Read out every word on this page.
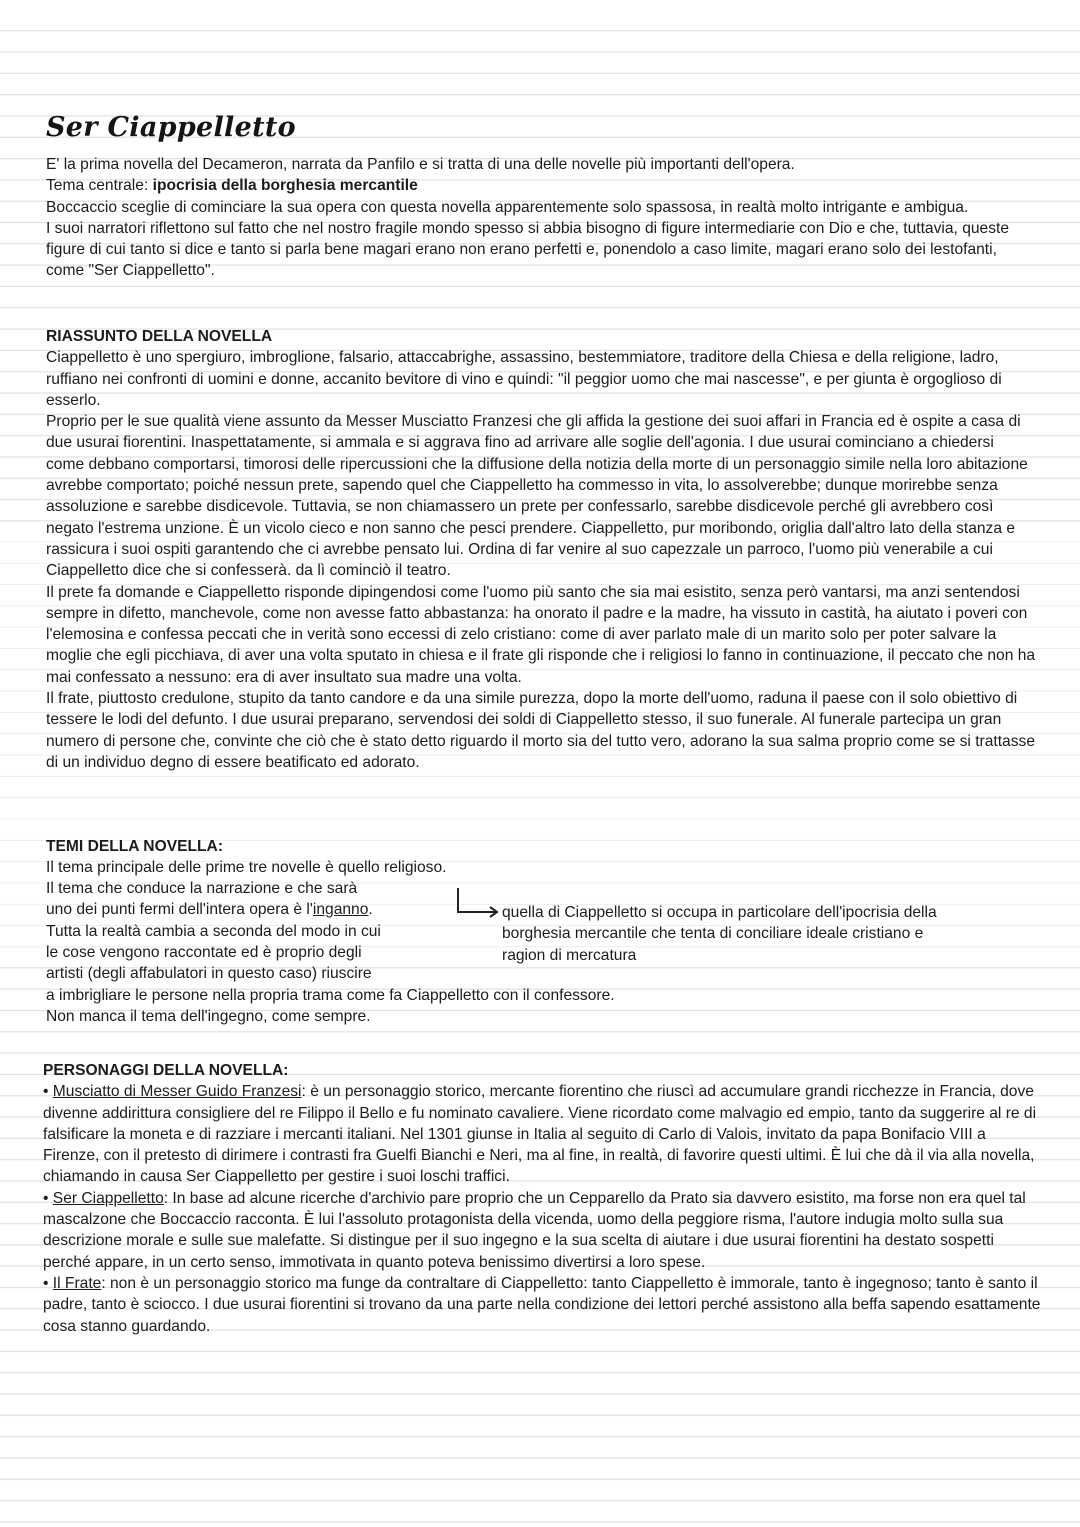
Ser Ciappelletto

E' la prima novella del Decameron, narrata da Panfilo e si tratta di una delle novelle più importanti dell'opera.

Tema centrale: ipocrisia della borghesia mercantile

Boccaccio sceglie di cominciare la sua opera con questa novella apparentemente solo spassosa, in realtà molto intrigante e ambigua.

I suoi narratori riflettono sul fatto che nel nostro fragile mondo spesso si abbia bisogno di figure intermediarie con Dio e che, tuttavia, queste figure di cui tanto si dice e tanto si parla bene magari erano non erano perfetti e, ponendolo a caso limite, magari erano solo dei lestofanti, come "Ser Ciappelletto".

RIASSUNTO DELLA NOVELLA

Ciappelletto è uno spergiuro, imbroglione, falsario, attaccabrighe, assassino, bestemmiatore, traditore della Chiesa e della religione, ladro, ruffiano nei confronti di uomini e donne, accanito bevitore di vino e quindi: "il peggior uomo che mai nascesse", e per giunta è orgoglioso di esserlo.

Proprio per le sue qualità viene assunto da Messer Musciatto Franzesi che gli affida la gestione dei suoi affari in Francia ed è ospite a casa di due usurai fiorentini. Inaspettatamente, si ammala e si aggrava fino ad arrivare alle soglie dell'agonia. I due usurai cominciano a chiedersi come debbano comportarsi, timorosi delle ripercussioni che la diffusione della notizia della morte di un personaggio simile nella loro abitazione avrebbe comportato; poiché nessun prete, sapendo quel che Ciappelletto ha commesso in vita, lo assolverebbe; dunque morirebbe senza assoluzione e sarebbe disdicevole. Tuttavia, se non chiamassero un prete per confessarlo, sarebbe disdicevole perché gli avrebbero così negato l'estrema unzione. È un vicolo cieco e non sanno che pesci prendere. Ciappelletto, pur moribondo, origlia dall'altro lato della stanza e rassicura i suoi ospiti garantendo che ci avrebbe pensato lui. Ordina di far venire al suo capezzale un parroco, l'uomo più venerabile a cui Ciappelletto dice che si confesserà. da lì cominciò il teatro.

Il prete fa domande e Ciappelletto risponde dipingendosi come l'uomo più santo che sia mai esistito, senza però vantarsi, ma anzi sentendosi sempre in difetto, manchevole, come non avesse fatto abbastanza: ha onorato il padre e la madre, ha vissuto in castità, ha aiutato i poveri con l'elemosina e confessa peccati che in verità sono eccessi di zelo cristiano: come di aver parlato male di un marito solo per poter salvare la moglie che egli picchiava, di aver una volta sputato in chiesa e il frate gli risponde che i religiosi lo fanno in continuazione, il peccato che non ha mai confessato a nessuno: era di aver insultato sua madre una volta.

Il frate, piuttosto credulone, stupito da tanto candore e da una simile purezza, dopo la morte dell'uomo, raduna il paese con il solo obiettivo di tessere le lodi del defunto. I due usurai preparano, servendosi dei soldi di Ciappelletto stesso, il suo funerale. Al funerale partecipa un gran numero di persone che, convinte che ciò che è stato detto riguardo il morto sia del tutto vero, adorano la sua salma proprio come se si trattasse di un individuo degno di essere beatificato ed adorato.

TEMI DELLA NOVELLA:

Il tema principale delle prime tre novelle è quello religioso.

Il tema che conduce la narrazione e che sarà

uno dei punti fermi dell'intera opera è l'inganno.

Tutta la realtà cambia a seconda del modo in cui

le cose vengono raccontate ed è proprio degli

artisti (degli affabulatori in questo caso) riuscire

quella di Ciappelletto si occupa in particolare dell'ipocrisia della

borghesia mercantile che tenta di conciliare ideale cristiano e

ragion di mercatura

a imbrigliare le persone nella propria trama come fa Ciappelletto con il confessore.

Non manca il tema dell'ingegno, come sempre.

PERSONAGGI DELLA NOVELLA:

• Musciatto di Messer Guido Franzesi: è un personaggio storico, mercante fiorentino che riuscì ad accumulare grandi ricchezze in Francia, dove divenne addirittura consigliere del re Filippo il Bello e fu nominato cavaliere. Viene ricordato come malvagio ed empio, tanto da suggerire al re di falsificare la moneta e di razziare i mercanti italiani. Nel 1301 giunse in Italia al seguito di Carlo di Valois, invitato da papa Bonifacio VIII a Firenze, con il pretesto di dirimere i contrasti fra Guelfi Bianchi e Neri, ma al fine, in realtà, di favorire questi ultimi. È lui che dà il via alla novella, chiamando in causa Ser Ciappelletto per gestire i suoi loschi traffici.

• Ser Ciappelletto: In base ad alcune ricerche d'archivio pare proprio che un Cepparello da Prato sia davvero esistito, ma forse non era quel tal mascalzone che Boccaccio racconta. È lui l'assoluto protagonista della vicenda, uomo della peggiore risma, l'autore indugia molto sulla sua descrizione morale e sulle sue malefatte. Si distingue per il suo ingegno e la sua scelta di aiutare i due usurai fiorentini ha destato sospetti perché appare, in un certo senso, immotivata in quanto poteva benissimo divertirsi a loro spese.

• Il Frate: non è un personaggio storico ma funge da contraltare di Ciappelletto: tanto Ciappelletto è immorale, tanto è ingegnoso; tanto è santo il padre, tanto è sciocco. I due usurai fiorentini si trovano da una parte nella condizione dei lettori perché assistono alla beffa sapendo esattamente cosa stanno guardando.
